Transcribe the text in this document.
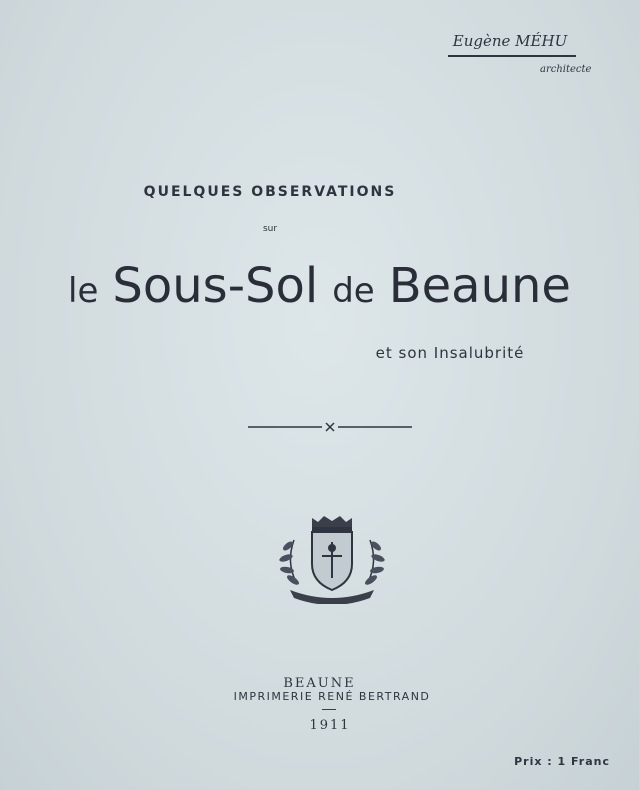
Eugène MÉHU
architecte
QUELQUES OBSERVATIONS
sur
le Sous-Sol de Beaune
et son Insalubrité
BEAUNE
IMPRIMERIE RENÉ BERTRAND
1911
Prix : 1 Franc
